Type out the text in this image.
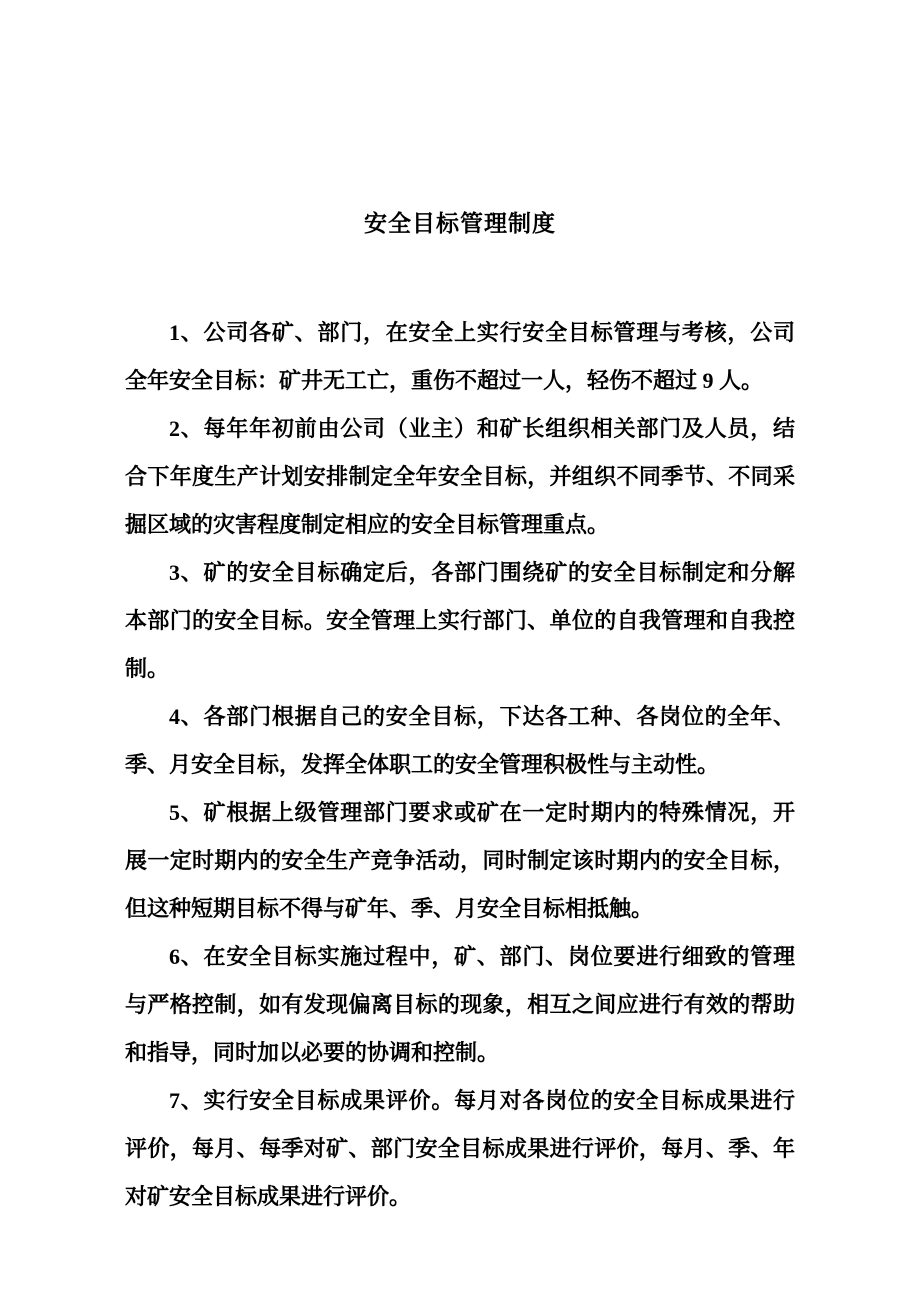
安全目标管理制度

1、公司各矿、部门，在安全上实行安全目标管理与考核，公司全年安全目标：矿井无工亡，重伤不超过一人，轻伤不超过 9 人。

2、每年年初前由公司（业主）和矿长组织相关部门及人员，结合下年度生产计划安排制定全年安全目标，并组织不同季节、不同采掘区域的灾害程度制定相应的安全目标管理重点。

3、矿的安全目标确定后，各部门围绕矿的安全目标制定和分解本部门的安全目标。安全管理上实行部门、单位的自我管理和自我控制。

4、各部门根据自己的安全目标，下达各工种、各岗位的全年、季、月安全目标，发挥全体职工的安全管理积极性与主动性。

5、矿根据上级管理部门要求或矿在一定时期内的特殊情况，开展一定时期内的安全生产竞争活动，同时制定该时期内的安全目标，但这种短期目标不得与矿年、季、月安全目标相抵触。

6、在安全目标实施过程中，矿、部门、岗位要进行细致的管理与严格控制，如有发现偏离目标的现象，相互之间应进行有效的帮助和指导，同时加以必要的协调和控制。

7、实行安全目标成果评价。每月对各岗位的安全目标成果进行评价，每月、每季对矿、部门安全目标成果进行评价，每月、季、年对矿安全目标成果进行评价。
